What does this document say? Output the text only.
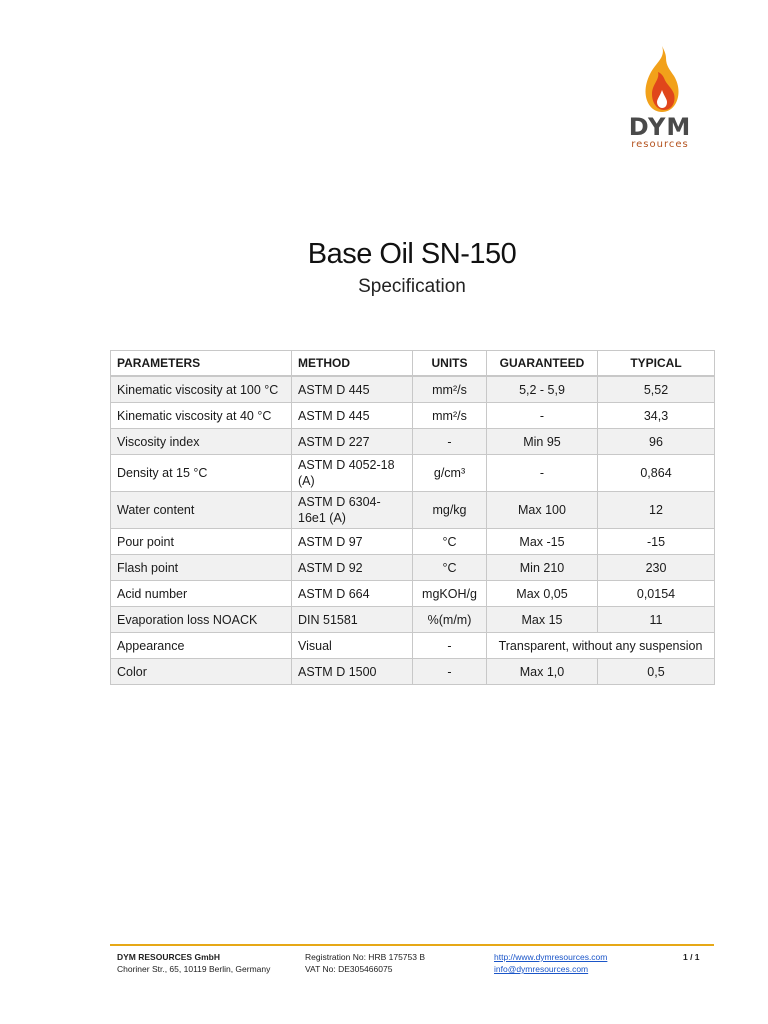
DYM
resources
Base Oil SN-150
Specification
PARAMETERS	METHOD	UNITS	GUARANTEED	TYPICAL
Kinematic viscosity at 100 °C	ASTM D 445	mm²/s	5,2 - 5,9	5,52
Kinematic viscosity at 40 °C	ASTM D 445	mm²/s	-	34,3
Viscosity index	ASTM D 227	-	Min 95	96
Density at 15 °C	ASTM D 4052-18 (A)	g/cm³	-	0,864
Water content	ASTM D 6304-16e1 (A)	mg/kg	Max 100	12
Pour point	ASTM D 97	°C	Max -15	-15
Flash point	ASTM D 92	°C	Min 210	230
Acid number	ASTM D 664	mgKOH/g	Max 0,05	0,0154
Evaporation loss NOACK	DIN 51581	%(m/m)	Max 15	11
Appearance	Visual	-	Transparent, without any suspension	
Color	ASTM D 1500	-	Max 1,0	0,5
DYM RESOURCES GmbH
Choriner Str., 65, 10119 Berlin, Germany
Registration No: HRB 175753 B
VAT No: DE305466075
http://www.dymresources.com
info@dymresources.com
1 / 1
